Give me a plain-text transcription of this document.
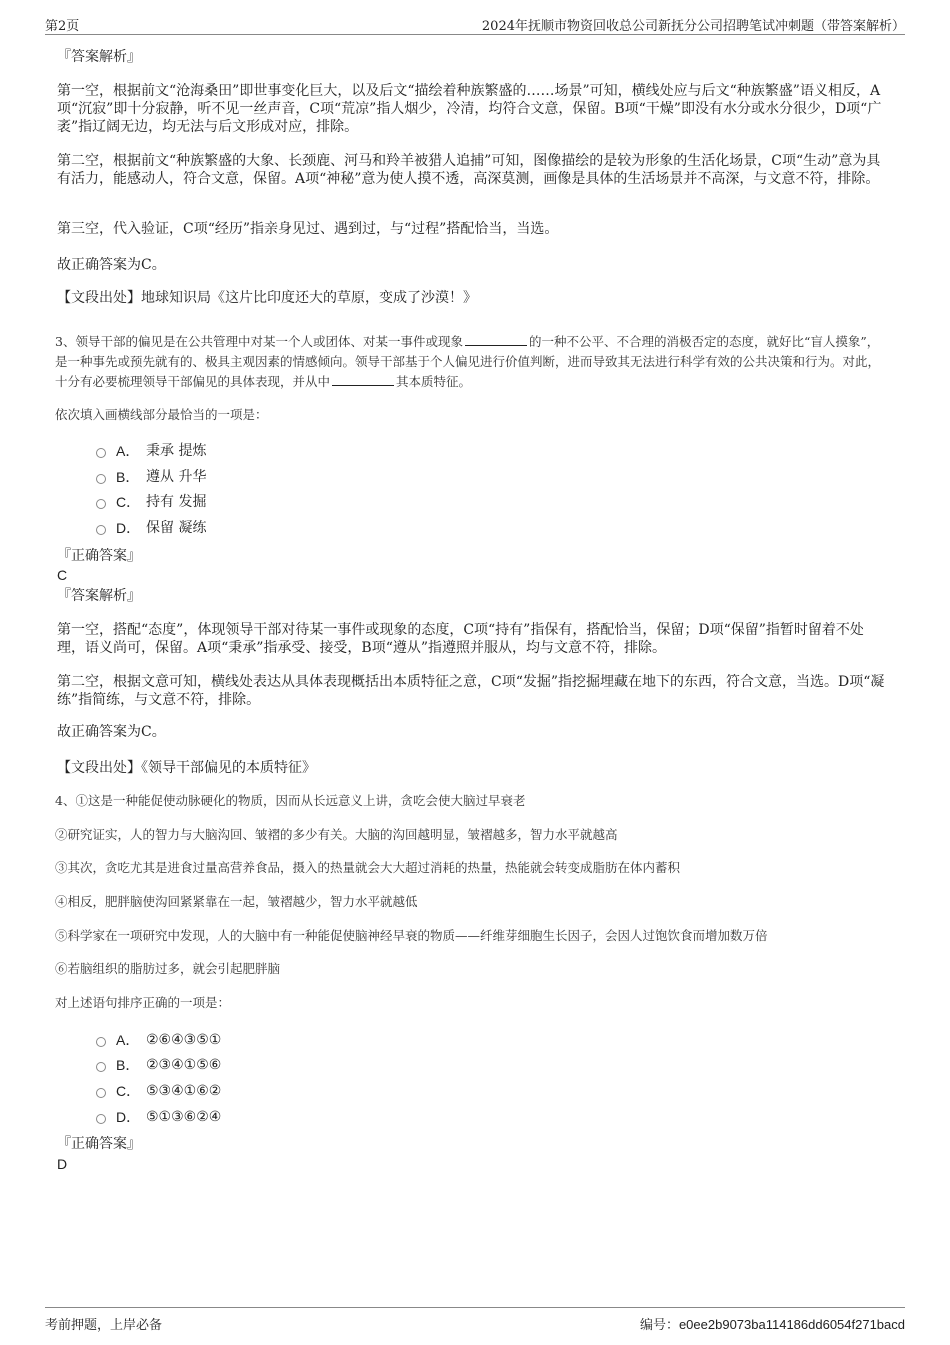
第2页	2024年抚顺市物资回收总公司新抚分公司招聘笔试冲刺题（带答案解析）
『答案解析』
第一空，根据前文“沧海桑田”即世事变化巨大，以及后文“描绘着种族繁盛的……场景”可知，横线处应与后文“种族繁盛”语义相反，A项“沉寂”即十分寂静，听不见一丝声音，C项“荒凉”指人烟少，冷清，均符合文意，保留。B项“干燥”即没有水分或水分很少，D项“广袤”指辽阔无边，均无法与后文形成对应，排除。
第二空，根据前文“种族繁盛的大象、长颈鹿、河马和羚羊被猎人追捕”可知，图像描绘的是较为形象的生活化场景，C项“生动”意为具有活力，能感动人，符合文意，保留。A项“神秘”意为使人摸不透，高深莫测，画像是具体的生活场景并不高深，与文意不符，排除。
第三空，代入验证，C项“经历”指亲身见过、遇到过，与“过程”搭配恰当，当选。
故正确答案为C。
【文段出处】地球知识局《这片比印度还大的草原，变成了沙漠！》
3、领导干部的偏见是在公共管理中对某一个人或团体、对某一事件或现象	的一种不公平、不合理的消极否定的态度，就好比“盲人摸象”，是一种事先或预先就有的、极具主观因素的情感倾向。领导干部基于个人偏见进行价值判断，进而导致其无法进行科学有效的公共决策和行为。对此，十分有必要梳理领导干部偏见的具体表现，并从中	其本质特征。
依次填入画横线部分最恰当的一项是：
A． 秉承 提炼
B． 遵从 升华
C． 持有 发掘
D． 保留 凝练
『正确答案』
C
『答案解析』
第一空，搭配“态度”，体现领导干部对待某一事件或现象的态度，C项“持有”指保有，搭配恰当，保留；D项“保留”指暂时留着不处理，语义尚可，保留。A项“秉承”指承受、接受，B项“遵从”指遵照并服从，均与文意不符，排除。
第二空，根据文意可知，横线处表达从具体表现概括出本质特征之意，C项“发掘”指挖掘埋藏在地下的东西，符合文意，当选。D项“凝练”指简练，与文意不符，排除。
故正确答案为C。
【文段出处】《领导干部偏见的本质特征》
4、①这是一种能促使动脉硬化的物质，因而从长远意义上讲，贪吃会使大脑过早衰老
②研究证实，人的智力与大脑沟回、皱褶的多少有关。大脑的沟回越明显，皱褶越多，智力水平就越高
③其次，贪吃尤其是进食过量高营养食品，摄入的热量就会大大超过消耗的热量，热能就会转变成脂肪在体内蓄积
④相反，肥胖脑使沟回紧紧靠在一起，皱褶越少，智力水平就越低
⑤科学家在一项研究中发现，人的大脑中有一种能促使脑神经早衰的物质——纤维芽细胞生长因子，会因人过饱饮食而增加数万倍
⑥若脑组织的脂肪过多，就会引起肥胖脑
对上述语句排序正确的一项是：
A． ②⑥④③⑤①
B． ②③④①⑤⑥
C． ⑤③④①⑥②
D． ⑤①③⑥②④
『正确答案』
D
考前押题，上岸必备	编号：e0ee2b9073ba114186dd6054f271bacd
